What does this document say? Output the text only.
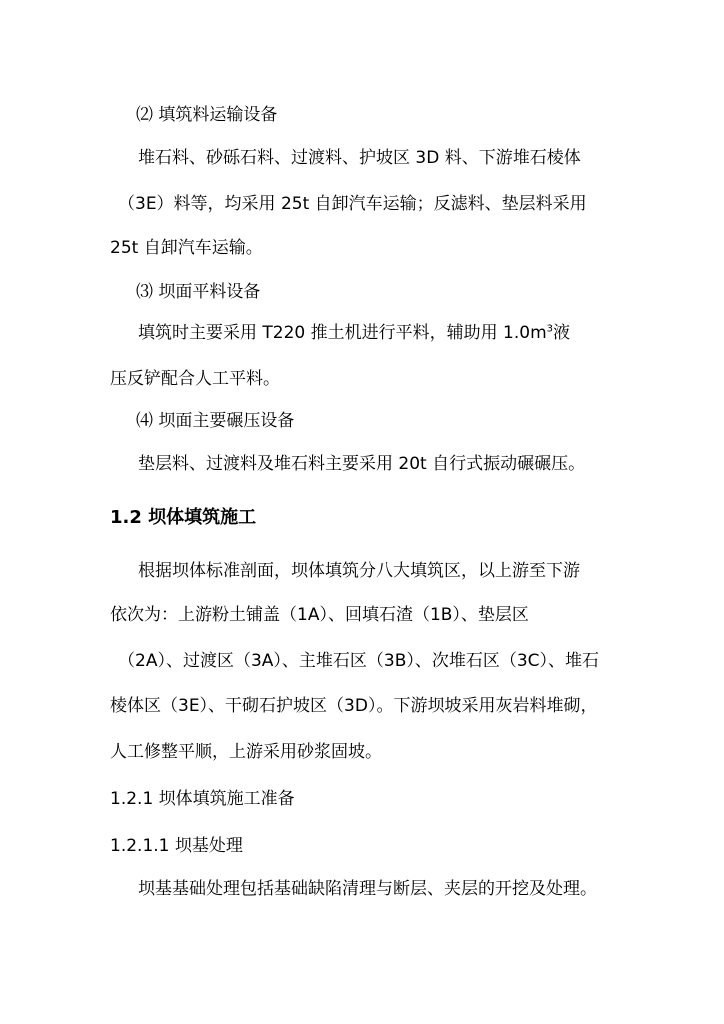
⑵ 填筑料运输设备
堆石料、砂砾石料、过渡料、护坡区 3D 料、下游堆石棱体
（3E）料等，均采用 25t 自卸汽车运输；反滤料、垫层料采用
25t 自卸汽车运输。
⑶ 坝面平料设备
填筑时主要采用 T220 推土机进行平料，辅助用 $1.0m^3$液
压反铲配合人工平料。
⑷ 坝面主要碾压设备
垫层料、过渡料及堆石料主要采用 20t 自行式振动碾碾压。
1.2 坝体填筑施工
根据坝体标准剖面，坝体填筑分八大填筑区，以上游至下游
依次为：上游粉土铺盖（1A）、回填石渣（1B）、垫层区
（2A）、过渡区（3A）、主堆石区（3B）、次堆石区（3C）、堆石
棱体区（3E）、干砌石护坡区（3D）。下游坝坡采用灰岩料堆砌，
人工修整平顺，上游采用砂浆固坡。
1.2.1 坝体填筑施工准备
1.2.1.1 坝基处理
坝基基础处理包括基础缺陷清理与断层、夹层的开挖及处理。
